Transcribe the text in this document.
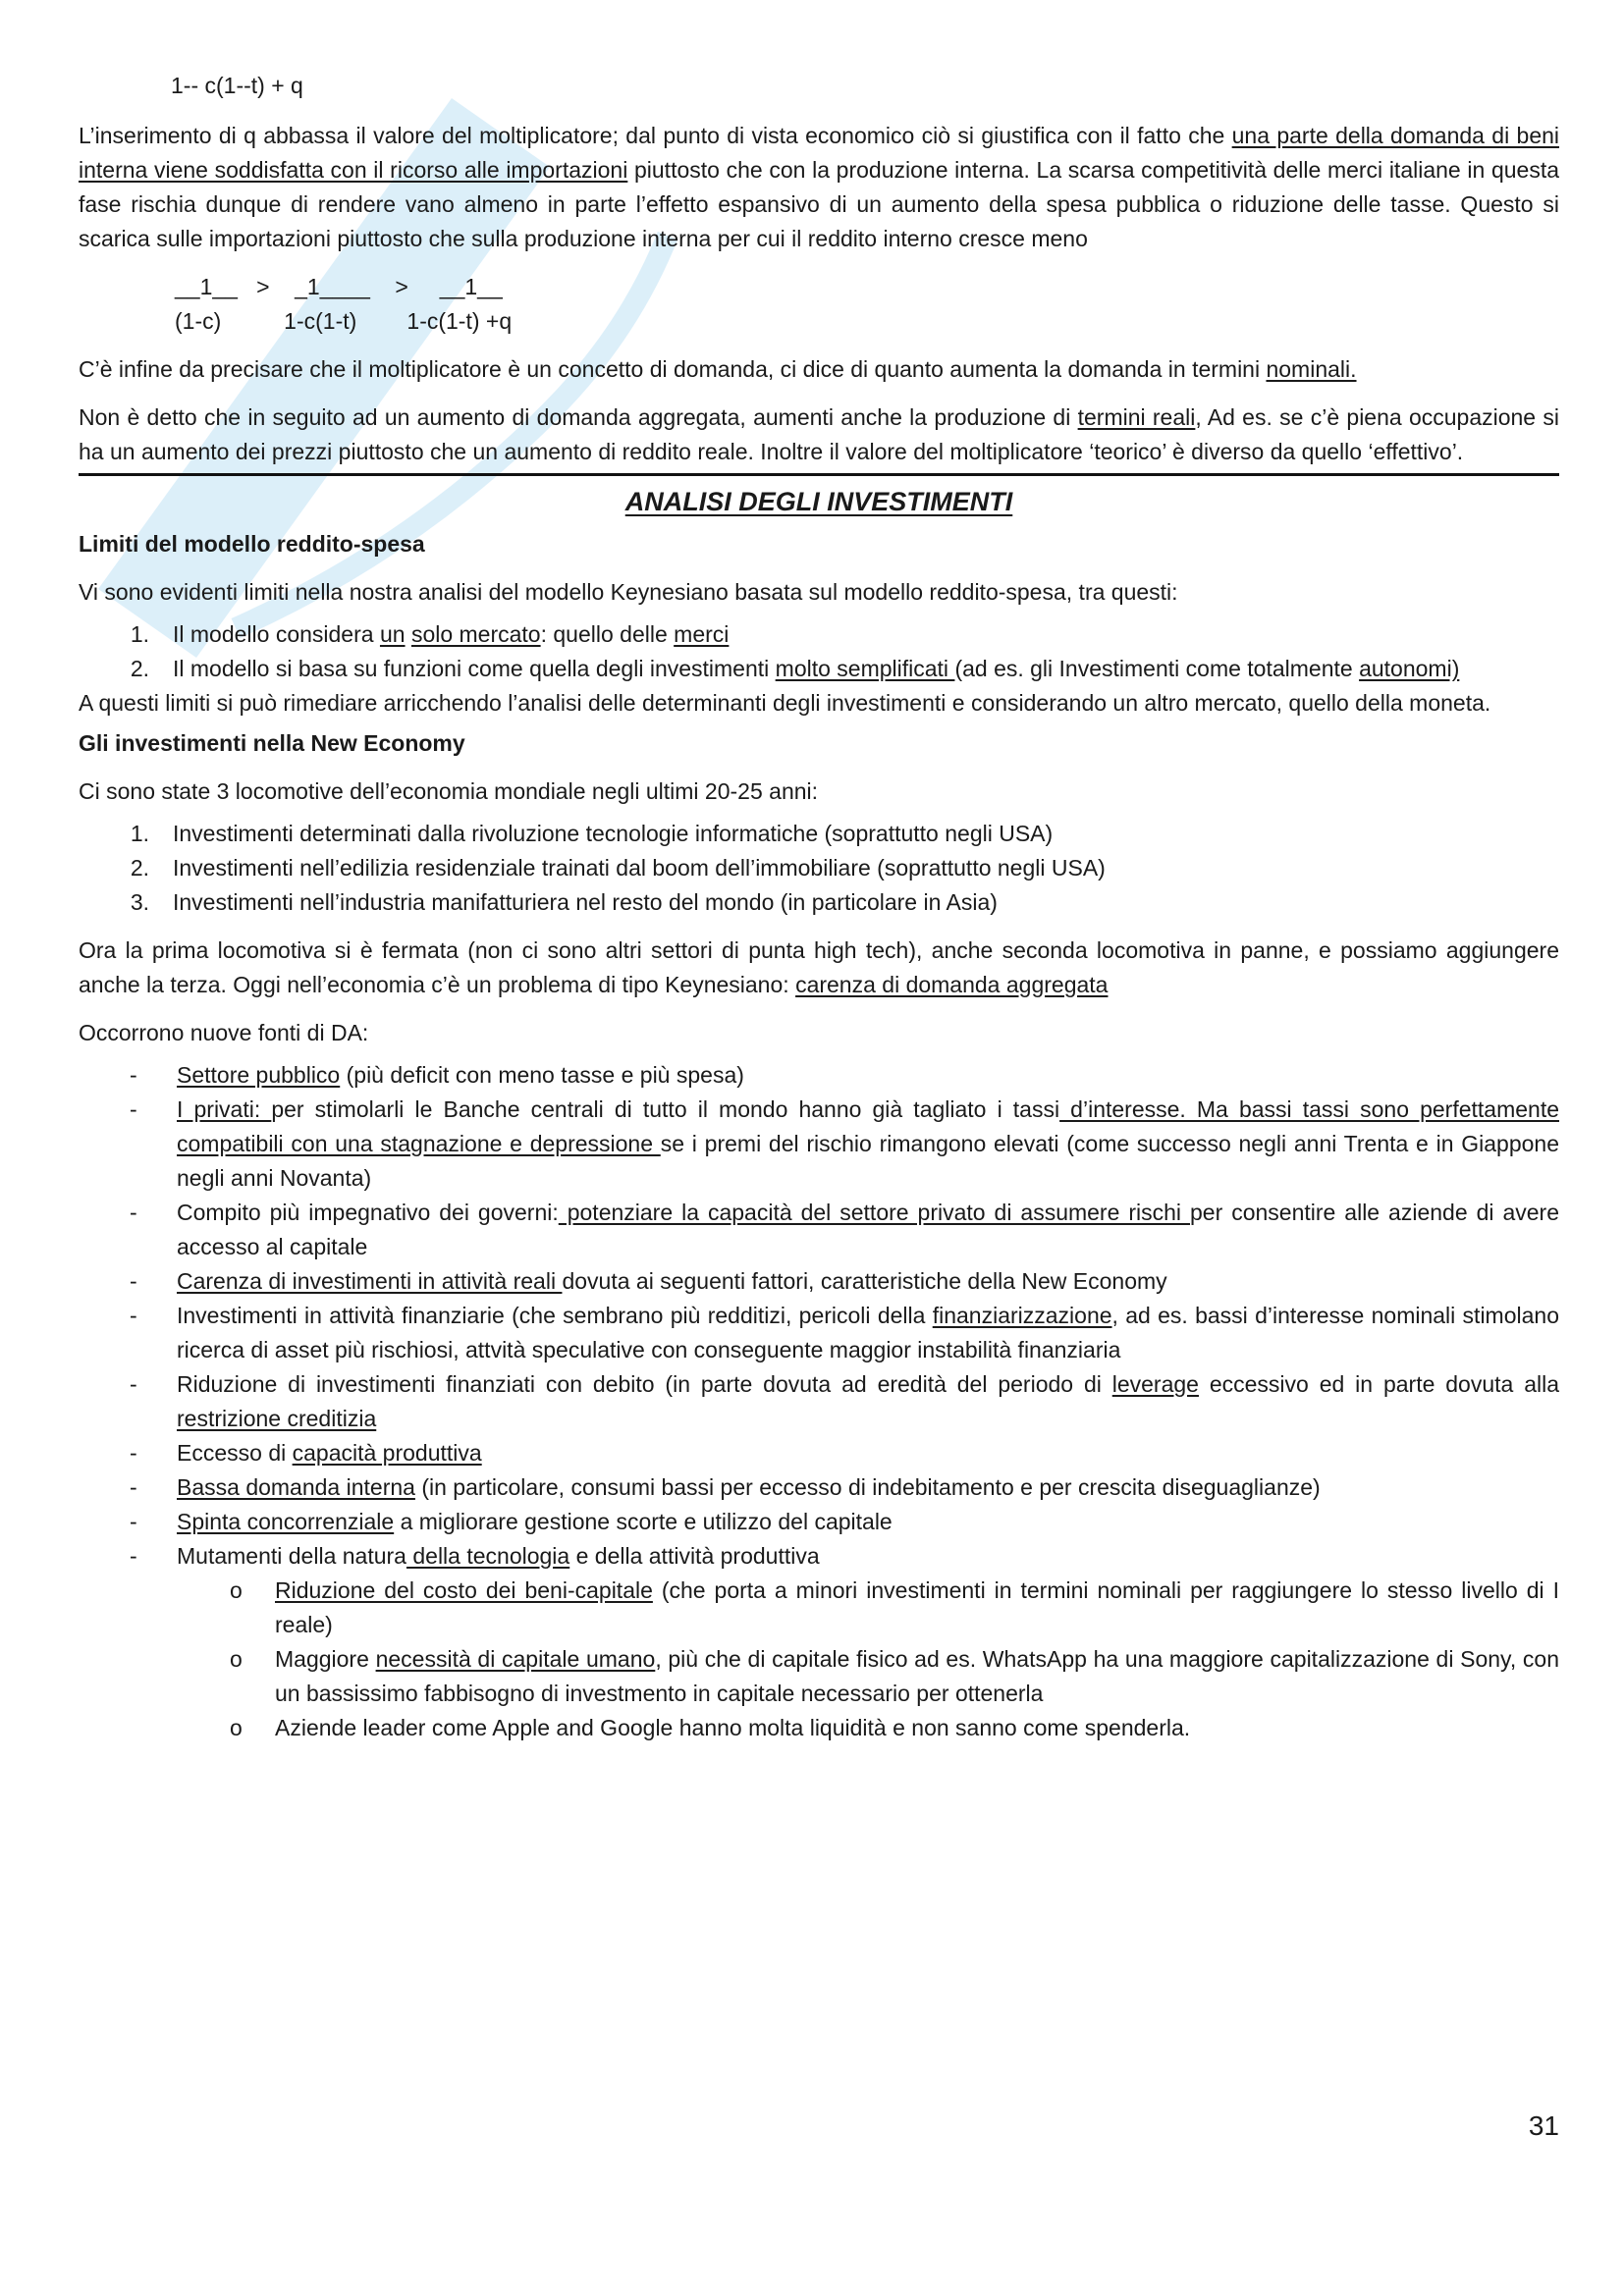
1-- c(1--t) + q

L’inserimento di q abbassa il valore del moltiplicatore; dal punto di vista economico ciò si giustifica con il fatto che una parte della domanda di beni interna viene soddisfatta con il ricorso alle importazioni piuttosto che con la produzione interna. La scarsa competitività delle merci italiane in questa fase rischia dunque di rendere vano almeno in parte l’effetto espansivo di un aumento della spesa pubblica o riduzione delle tasse. Questo si scarica sulle importazioni piuttosto che sulla produzione interna per cui il reddito interno cresce meno

__1__   >    _1____    >     __1__
(1-c)          1-c(1-t)        1-c(1-t) +q

C’è infine da precisare che il moltiplicatore è un concetto di domanda, ci dice di quanto aumenta la domanda in termini nominali.

Non è detto che in seguito ad un aumento di domanda aggregata, aumenti anche la produzione di termini reali, Ad es. se c’è piena occupazione si ha un aumento dei prezzi piuttosto che un aumento di reddito reale. Inoltre il valore del moltiplicatore ‘teorico’ è diverso da quello ‘effettivo’.

ANALISI DEGLI INVESTIMENTI

Limiti del modello reddito-spesa

Vi sono evidenti limiti nella nostra analisi del modello Keynesiano basata sul modello reddito-spesa, tra questi:

1.	Il modello considera un solo mercato: quello delle merci
2.	Il modello si basa su funzioni come quella degli investimenti molto semplificati (ad es. gli Investimenti come totalmente autonomi)

A questi limiti si può rimediare arricchendo l’analisi delle determinanti degli investimenti e considerando un altro mercato, quello della moneta.

Gli investimenti nella New Economy

Ci sono state 3 locomotive dell’economia mondiale negli ultimi 20-25 anni:

1.	Investimenti determinati dalla rivoluzione tecnologie informatiche (soprattutto negli USA)
2.	Investimenti nell’edilizia residenziale trainati dal boom dell’immobiliare (soprattutto negli USA)
3.	Investimenti nell’industria manifatturiera nel resto del mondo (in particolare in Asia)

Ora la prima locomotiva si è fermata (non ci sono altri settori di punta high tech), anche seconda locomotiva in panne, e possiamo aggiungere anche la terza. Oggi nell’economia c’è un problema di tipo Keynesiano: carenza di domanda aggregata

Occorrono nuove fonti di DA:

-	Settore pubblico (più deficit con meno tasse e più spesa)
-	I privati: per stimolarli le Banche centrali di tutto il mondo hanno già tagliato i tassi d’interesse. Ma bassi tassi sono perfettamente compatibili con una stagnazione e depressione se i premi del rischio rimangono elevati (come successo negli anni Trenta e in Giappone negli anni Novanta)
-	Compito più impegnativo dei governi: potenziare la capacità del settore privato di assumere rischi per consentire alle aziende di avere accesso al capitale
-	Carenza di investimenti in attività reali dovuta ai seguenti fattori, caratteristiche della New Economy
-	Investimenti in attività finanziarie (che sembrano più redditizi, pericoli della finanziarizzazione, ad es. bassi d’interesse nominali stimolano ricerca di asset più rischiosi, attvità speculative con conseguente maggior instabilità finanziaria
-	Riduzione di investimenti finanziati con debito (in parte dovuta ad eredità del periodo di leverage eccessivo ed in parte dovuta alla restrizione creditizia
-	Eccesso di capacità produttiva
-	Bassa domanda interna (in particolare, consumi bassi per eccesso di indebitamento e per crescita diseguaglianze)
-	Spinta concorrenziale a migliorare gestione scorte e utilizzo del capitale
-	Mutamenti della natura della tecnologia e della attività produttiva
o	Riduzione del costo dei beni-capitale (che porta a minori investimenti in termini nominali per raggiungere lo stesso livello di I reale)
o	Maggiore necessità di capitale umano, più che di capitale fisico ad es. WhatsApp ha una maggiore capitalizzazione di Sony, con un bassissimo fabbisogno di investmento in capitale necessario per ottenerla
o	Aziende leader come Apple and Google hanno molta liquidità e non sanno come spenderla.
31
